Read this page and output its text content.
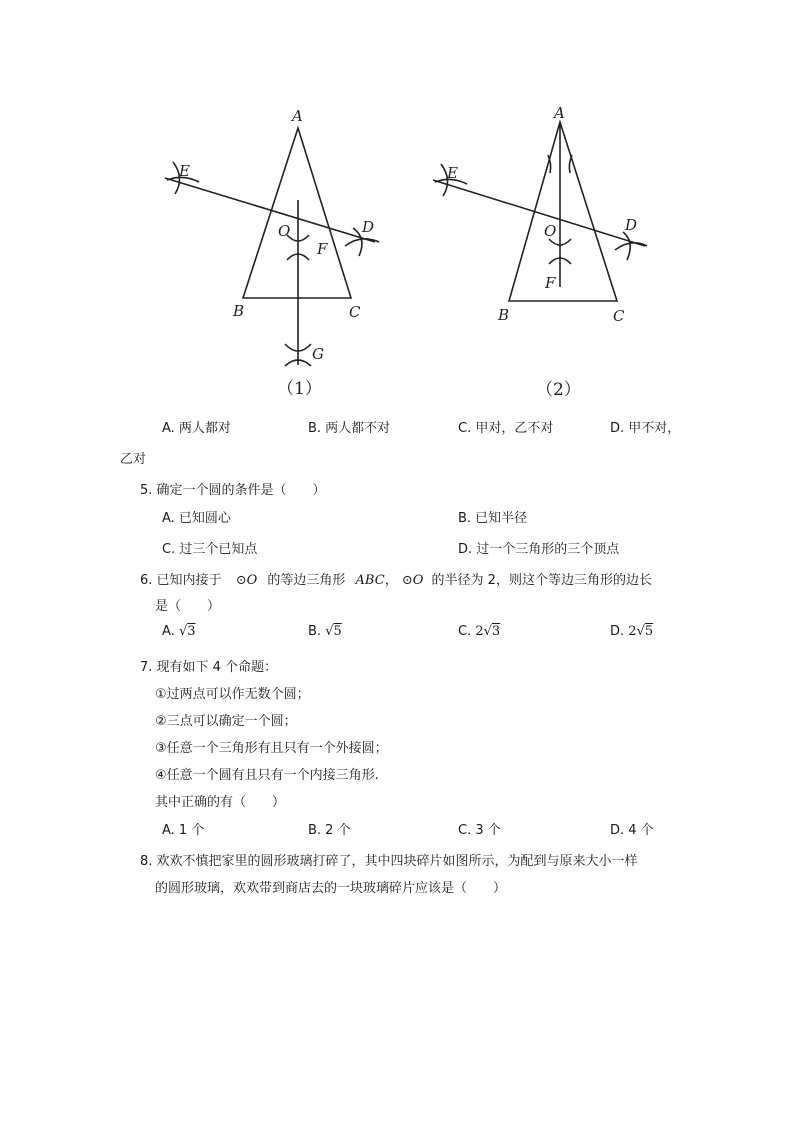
A
B	C
D
E
F
G
O
（1）
A
B	C
D
E
F
O
（2）
A. 两人都对	B. 两人都不对	C. 甲对，乙不对	D. 甲不对，
乙对
5. 确定一个圆的条件是（　　）
A. 已知圆心	B. 已知半径
C. 过三个已知点	D. 过一个三角形的三个顶点
6. 已知内接于 ⊙O 的等边三角形 ABC， ⊙O 的半径为 2，则这个等边三角形的边长
是（　　）
A. √3	B. √5	C. 2√3	D. 2√5
7. 现有如下 4 个命题：
①过两点可以作无数个圆；
②三点可以确定一个圆；
③任意一个三角形有且只有一个外接圆；
④任意一个圆有且只有一个内接三角形.
其中正确的有（　　）
A. 1 个	B. 2 个	C. 3 个	D. 4 个
8. 欢欢不慎把家里的圆形玻璃打碎了，其中四块碎片如图所示，为配到与原来大小一样
的圆形玻璃，欢欢带到商店去的一块玻璃碎片应该是（　　）
